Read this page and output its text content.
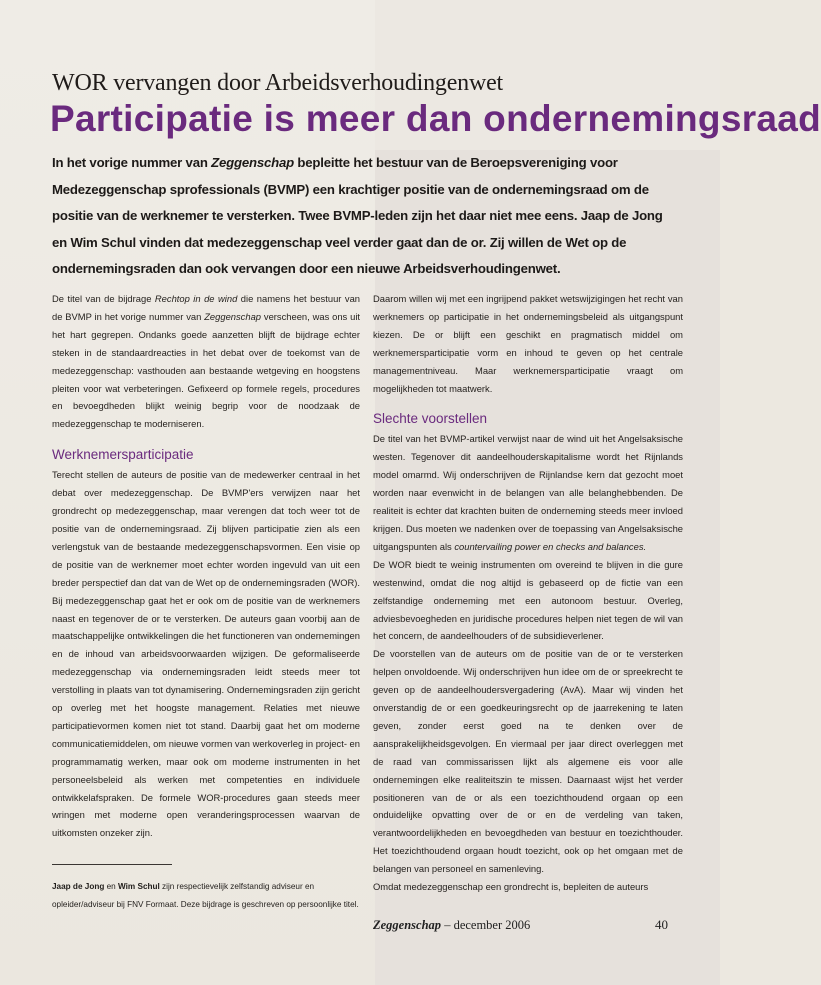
WOR vervangen door Arbeidsverhoudingenwet
Participatie is meer dan ondernemingsraad
In het vorige nummer van Zeggenschap bepleitte het bestuur van de Beroepsvereniging voor Medezeggenschap sprofessionals (BVMP) een krachtiger positie van de ondernemingsraad om de positie van de werknemer te versterken. Twee BVMP-leden zijn het daar niet mee eens. Jaap de Jong en Wim Schul vinden dat medezeggenschap veel verder gaat dan de or. Zij willen de Wet op de ondernemingsraden dan ook vervangen door een nieuwe Arbeidsverhoudingenwet.

De titel van de bijdrage Rechtop in de wind die namens het bestuur van de BVMP in het vorige nummer van Zeggenschap verscheen, was ons uit het hart gegrepen. Ondanks goede aanzetten blijft de bijdrage echter steken in de standaardreacties in het debat over de toekomst van de medezeggenschap: vasthouden aan bestaande wetgeving en hoogstens pleiten voor wat verbeteringen. Gefixeerd op formele regels, procedures en bevoegdheden blijkt weinig begrip voor de noodzaak de medezeggenschap te moderniseren.

Werknemersparticipatie

Terecht stellen de auteurs de positie van de medewerker centraal in het debat over medezeggenschap. De BVMP'ers verwijzen naar het grondrecht op medezeggenschap, maar verengen dat toch weer tot de positie van de ondernemingsraad. Zij blijven participatie zien als een verlengstuk van de bestaande medezeggenschapsvormen. Een visie op de positie van de werknemer moet echter worden ingevuld van uit een breder perspectief dan dat van de Wet op de ondernemingsraden (WOR). Bij medezeggenschap gaat het er ook om de positie van de werknemers naast en tegenover de or te versterken. De auteurs gaan voorbij aan de maatschappelijke ontwikkelingen die het functioneren van ondernemingen en de inhoud van arbeidsvoorwaarden wijzigen. De geformaliseerde medezeggenschap via ondernemingsraden leidt steeds meer tot verstolling in plaats van tot dynamisering. Ondernemingsraden zijn gericht op overleg met het hoogste management. Relaties met nieuwe participatievormen komen niet tot stand. Daarbij gaat het om moderne communicatiemiddelen, om nieuwe vormen van werkoverleg in project- en programmamatig werken, maar ook om moderne instrumenten in het personeelsbeleid als werken met competenties en individuele ontwikkelafspraken. De formele WOR-procedures gaan steeds meer wringen met moderne open veranderingsprocessen waarvan de uitkomsten onzeker zijn.

Jaap de Jong en Wim Schul zijn respectievelijk zelfstandig adviseur en opleider/adviseur bij FNV Formaat. Deze bijdrage is geschreven op persoonlijke titel.

Daarom willen wij met een ingrijpend pakket wetswijzigingen het recht van werknemers op participatie in het ondernemingsbeleid als uitgangspunt kiezen. De or blijft een geschikt en pragmatisch middel om werknemersparticipatie vorm en inhoud te geven op het centrale managementniveau. Maar werknemersparticipatie vraagt om mogelijkheden tot maatwerk.

Slechte voorstellen

De titel van het BVMP-artikel verwijst naar de wind uit het Angelsaksische westen. Tegenover dit aandeelhouderskapitalisme wordt het Rijnlands model omarmd. Wij onderschrijven de Rijnlandse kern dat gezocht moet worden naar evenwicht in de belangen van alle belanghebbenden. De realiteit is echter dat krachten buiten de onderneming steeds meer invloed krijgen. Dus moeten we nadenken over de toepassing van Angelsaksische uitgangspunten als countervailing power en checks and balances.

De WOR biedt te weinig instrumenten om overeind te blijven in die gure westenwind, omdat die nog altijd is gebaseerd op de fictie van een zelfstandige onderneming met een autonoom bestuur. Overleg, adviesbevoegheden en juridische procedures helpen niet tegen de wil van het concern, de aandeelhouders of de subsidieverlener.

De voorstellen van de auteurs om de positie van de or te versterken helpen onvoldoende. Wij onderschrijven hun idee om de or spreekrecht te geven op de aandeelhoudersvergadering (AvA). Maar wij vinden het onverstandig de or een goedkeuringsrecht op de jaarrekening te laten geven, zonder eerst goed na te denken over de aansprakelijkheidsgevolgen. En viermaal per jaar direct overleggen met de raad van commissarissen lijkt als algemene eis voor alle ondernemingen elke realiteitszin te missen. Daarnaast wijst het verder positioneren van de or als een toezichthoudend orgaan op een onduidelijke opvatting over de or en de verdeling van taken, verantwoordelijkheden en bevoegdheden van bestuur en toezichthouder. Het toezichthoudend orgaan houdt toezicht, ook op het omgaan met de belangen van personeel en samenleving.

Omdat medezeggenschap een grondrecht is, bepleiten de auteurs

Zeggenschap – december 2006	40
